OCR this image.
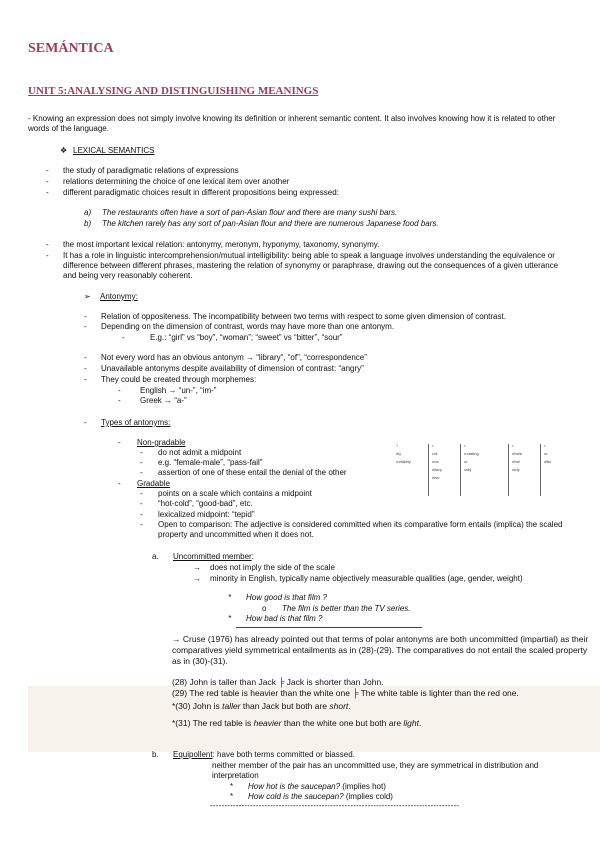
SEMÁNTICA
UNIT 5:ANALYSING AND DISTINGUISHING MEANINGS
- Knowing an expression does not simply involve knowing its definition or inherent semantic content. It also involves knowing how it is related to other words of the language.
❖ LEXICAL SEMANTICS
- the study of paradigmatic relations of expressions
- relations determining the choice of one lexical item over another
- different paradigmatic choices result in different propositions being expressed:
a) The restaurants often have a sort of pan-Asian flour and there are many sushi bars.
b) The kitchen rarely has any sort of pan-Asian flour and there are numerous Japanese food bars.
- the most important lexical relation: antonymy, meronym, hyponymy, taxonomy, synonymy.
- It has a role in linguistic intercomprehension/mutual intelligibility: being able to speak a language involves understanding the equivalence or difference between different phrases, mastering the relation of synonymy or paraphrase, drawing out the consequences of a given utterance and being very reasonably coherent.
➢ Antonymy:
- Relation of oppositeness. The incompatibility between two terms with respect to some given dimension of contrast.
- Depending on the dimension of contrast, words may have more than one antonym.
-	E.g.: “girl” vs “boy”, “woman”; “sweet” vs “bitter”, “sour”
- Not every word has an obvious antonym → “library”, “of”, “correspondence”
- Unavailable antonyms despite availability of dimension of contrast: “angry”
- They could be created through morphemes:
- English → “un-”, “im-”
- Greek → “a-”
- Types of antonyms:
- Non-gradable
- do not admit a midpoint
- e.g. “female-male”, “pass-fail”
- assertion of one of these entail the denial of the other
- Gradable
- points on a scale which contains a midpoint
- “hot-cold”, “good-bad”, etc.
- lexicalized midpoint: “tepid”
- Open to comparison: The adjective is considered committed when its comparative form entails (implica) the scaled property and uncommitted when it does not.
+
•lly
•unlikely
•
•ell
•etc
•litary
•tive
•
•rotating
•s
•ally
•
•thele
•thel
•tidy
•
•e
•tille
a. Uncommitted member:
→ does not imply the side of the scale
→ minority in English, typically name objectively measurable qualities (age, gender, weight)
* How good is that film ?
o The film is better than the TV series.
* How bad is that film ?
→ Cruse (1976) has already pointed out that terms of polar antonyms are both uncommitted (impartial) as their comparatives yield symmetrical entailments as in (28)-(29). The comparatives do not entail the scaled property as in (30)-(31).
(28) John is taller than Jack ╞ Jack is shorter than John.
(29) The red table is heavier than the white one ╞ The white table is lighter than the red one.
*(30) John is taller than Jack but both are short.
*(31) The red table is heavier than the white one but both are light.
b. Equipollent: have both terms committed or biassed.
neither member of the pair has an uncommitted use, they are symmetrical in distribution and interpretation
* How hot is the saucepan? (implies hot)
* How cold is the saucepan? (implies cold)
---------------------------------------------------------------------------------------
